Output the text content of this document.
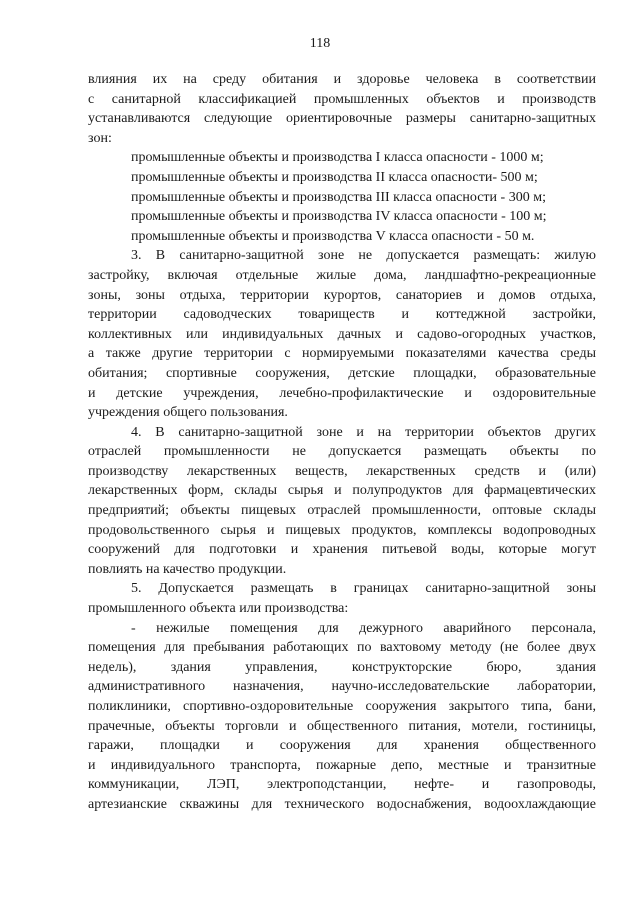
118
влияния их на среду обитания и здоровье человека в соответствии
с санитарной классификацией промышленных объектов и производств
устанавливаются следующие ориентировочные размеры санитарно-защитных
зон:
промышленные объекты и производства I класса опасности - 1000 м;
промышленные объекты и производства II класса опасности- 500 м;
промышленные объекты и производства III класса опасности - 300 м;
промышленные объекты и производства IV класса опасности - 100 м;
промышленные объекты и производства V класса опасности - 50 м.
3. В санитарно-защитной зоне не допускается размещать: жилую
застройку, включая отдельные жилые дома, ландшафтно-рекреационные
зоны, зоны отдыха, территории курортов, санаториев и домов отдыха,
территории садоводческих товариществ и коттеджной застройки,
коллективных или индивидуальных дачных и садово-огородных участков,
а также другие территории с нормируемыми показателями качества среды
обитания; спортивные сооружения, детские площадки, образовательные
и детские учреждения, лечебно-профилактические и оздоровительные
учреждения общего пользования.
4. В санитарно-защитной зоне и на территории объектов других
отраслей промышленности не допускается размещать объекты по
производству лекарственных веществ, лекарственных средств и (или)
лекарственных форм, склады сырья и полупродуктов для фармацевтических
предприятий; объекты пищевых отраслей промышленности, оптовые склады
продовольственного сырья и пищевых продуктов, комплексы водопроводных
сооружений для подготовки и хранения питьевой воды, которые могут
повлиять на качество продукции.
5. Допускается размещать в границах санитарно-защитной зоны
промышленного объекта или производства:
- нежилые помещения для дежурного аварийного персонала,
помещения для пребывания работающих по вахтовому методу (не более двух
недель), здания управления, конструкторские бюро, здания
административного назначения, научно-исследовательские лаборатории,
поликлиники, спортивно-оздоровительные сооружения закрытого типа, бани,
прачечные, объекты торговли и общественного питания, мотели, гостиницы,
гаражи, площадки и сооружения для хранения общественного
и индивидуального транспорта, пожарные депо, местные и транзитные
коммуникации, ЛЭП, электроподстанции, нефте- и газопроводы,
артезианские скважины для технического водоснабжения, водоохлаждающие
